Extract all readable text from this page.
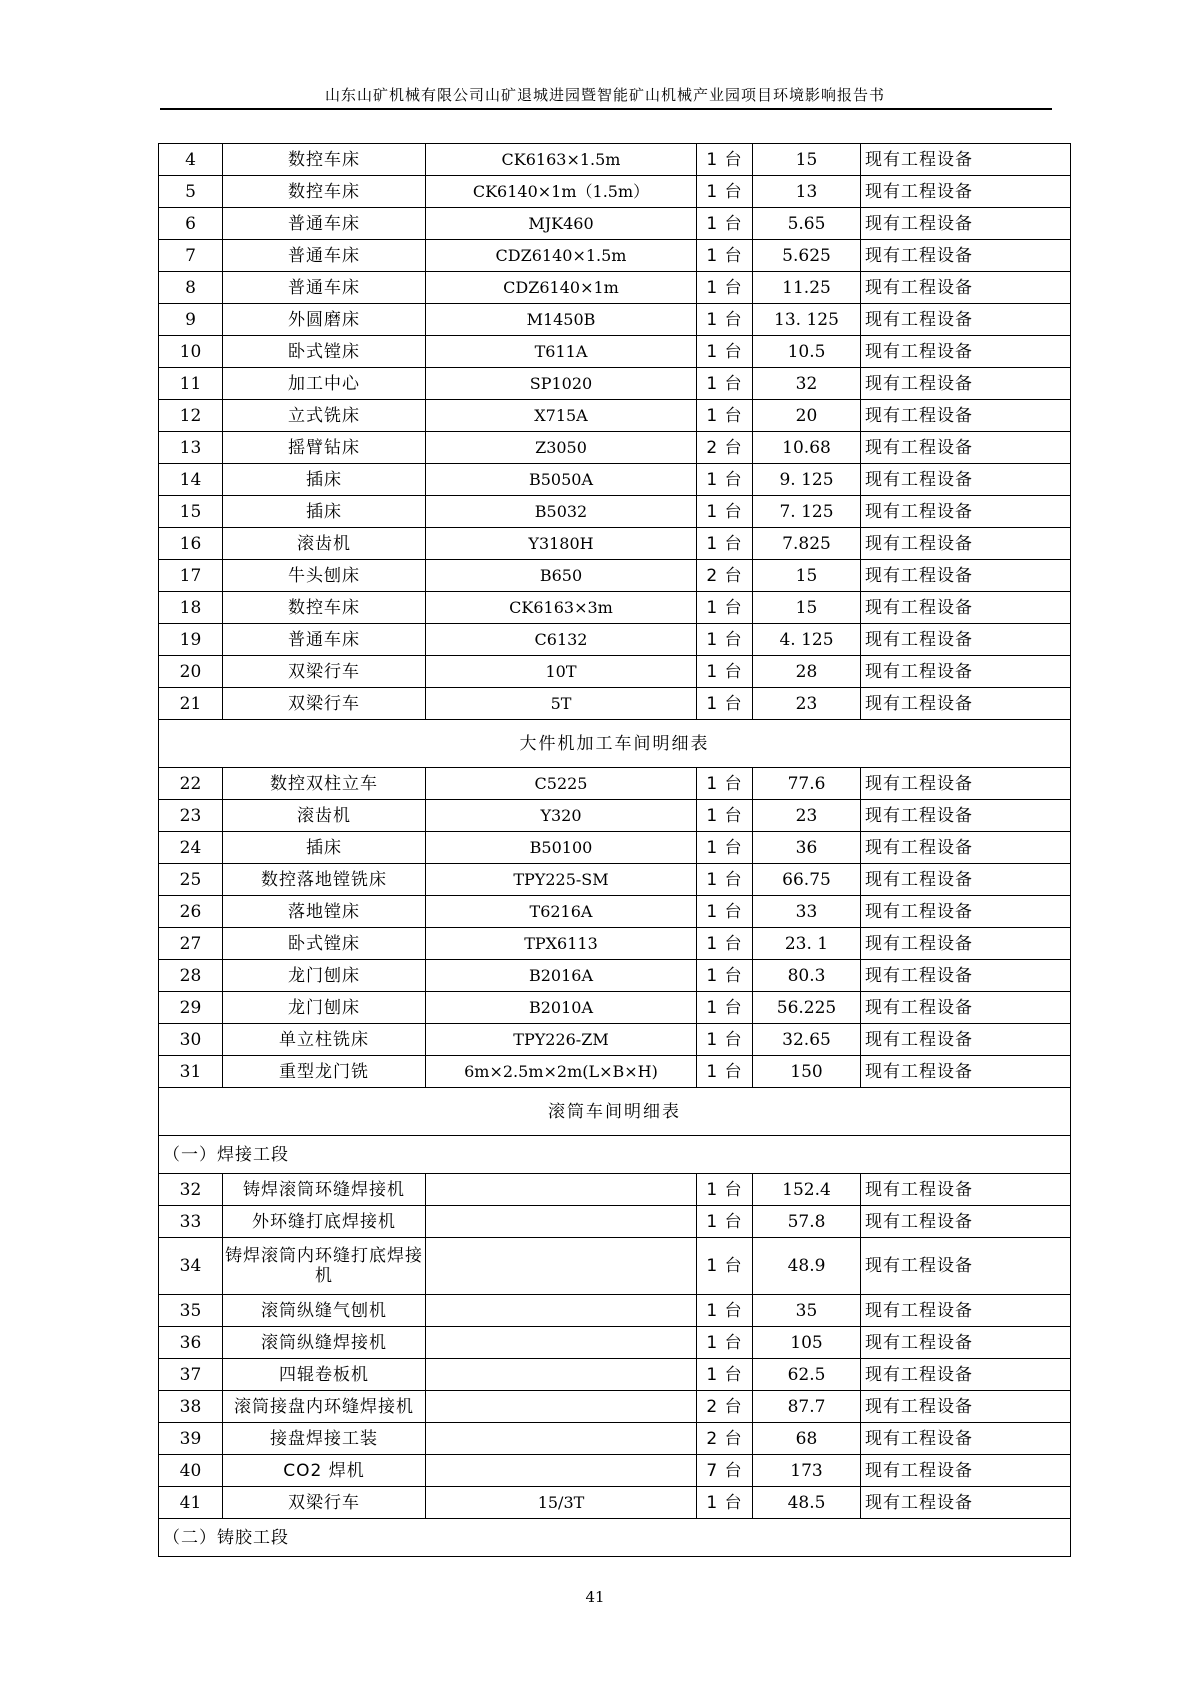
山东山矿机械有限公司山矿退城进园暨智能矿山机械产业园项目环境影响报告书
4	数控车床	CK6163×1.5m	1 台	15	现有工程设备
5	数控车床	CK6140×1m（1.5m）	1 台	13	现有工程设备
6	普通车床	MJK460	1 台	5.65	现有工程设备
7	普通车床	CDZ6140×1.5m	1 台	5.625	现有工程设备
8	普通车床	CDZ6140×1m	1 台	11.25	现有工程设备
9	外圆磨床	M1450B	1 台	13. 125	现有工程设备
10	卧式镗床	T611A	1 台	10.5	现有工程设备
11	加工中心	SP1020	1 台	32	现有工程设备
12	立式铣床	X715A	1 台	20	现有工程设备
13	摇臂钻床	Z3050	2 台	10.68	现有工程设备
14	插床	B5050A	1 台	9. 125	现有工程设备
15	插床	B5032	1 台	7. 125	现有工程设备
16	滚齿机	Y3180H	1 台	7.825	现有工程设备
17	牛头刨床	B650	2 台	15	现有工程设备
18	数控车床	CK6163×3m	1 台	15	现有工程设备
19	普通车床	C6132	1 台	4. 125	现有工程设备
20	双梁行车	10T	1 台	28	现有工程设备
21	双梁行车	5T	1 台	23	现有工程设备
大件机加工车间明细表					
22	数控双柱立车	C5225	1 台	77.6	现有工程设备
23	滚齿机	Y320	1 台	23	现有工程设备
24	插床	B50100	1 台	36	现有工程设备
25	数控落地镗铣床	TPY225-SM	1 台	66.75	现有工程设备
26	落地镗床	T6216A	1 台	33	现有工程设备
27	卧式镗床	TPX6113	1 台	23. 1	现有工程设备
28	龙门刨床	B2016A	1 台	80.3	现有工程设备
29	龙门刨床	B2010A	1 台	56.225	现有工程设备
30	单立柱铣床	TPY226-ZM	1 台	32.65	现有工程设备
31	重型龙门铣	6m×2.5m×2m(L×B×H)	1 台	150	现有工程设备
滚筒车间明细表					
（一）焊接工段					
32	铸焊滚筒环缝焊接机		1 台	152.4	现有工程设备
33	外环缝打底焊接机		1 台	57.8	现有工程设备
34	铸焊滚筒内环缝打底焊接机		1 台	48.9	现有工程设备
35	滚筒纵缝气刨机		1 台	35	现有工程设备
36	滚筒纵缝焊接机		1 台	105	现有工程设备
37	四辊卷板机		1 台	62.5	现有工程设备
38	滚筒接盘内环缝焊接机		2 台	87.7	现有工程设备
39	接盘焊接工装		2 台	68	现有工程设备
40	CO2 焊机		7 台	173	现有工程设备
41	双梁行车	15/3T	1 台	48.5	现有工程设备
（二）铸胶工段					
41
